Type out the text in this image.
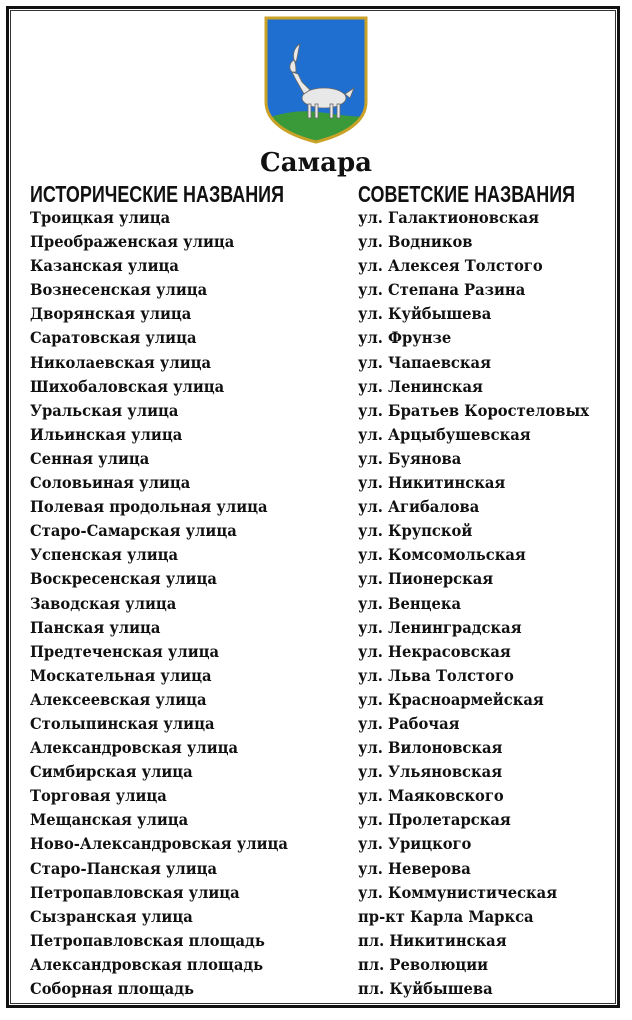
Самара
ИСТОРИЧЕСКИЕ НАЗВАНИЯ	СОВЕТСКИЕ НАЗВАНИЯ
Троицкая улица	ул. Галактионовская
Преображенская улица	ул. Водников
Казанская улица	ул. Алексея Толстого
Вознесенская улица	ул. Степана Разина
Дворянская улица	ул. Куйбышева
Саратовская улица	ул. Фрунзе
Николаевская улица	ул. Чапаевская
Шихобаловская улица	ул. Ленинская
Уральская улица	ул. Братьев Коростеловых
Ильинская улица	ул. Арцыбушевская
Сенная улица	ул. Буянова
Соловьиная улица	ул. Никитинская
Полевая продольная улица	ул. Агибалова
Старо-Самарская улица	ул. Крупской
Успенская улица	ул. Комсомольская
Воскресенская улица	ул. Пионерская
Заводская улица	ул. Венцека
Панская улица	ул. Ленинградская
Предтеченская улица	ул. Некрасовская
Москательная улица	ул. Льва Толстого
Алексеевская улица	ул. Красноармейская
Столыпинская улица	ул. Рабочая
Александровская улица	ул. Вилоновская
Симбирская улица	ул. Ульяновская
Торговая улица	ул. Маяковского
Мещанская улица	ул. Пролетарская
Ново-Александровская улица	ул. Урицкого
Старо-Панская улица	ул. Неверова
Петропавловская улица	ул. Коммунистическая
Сызранская улица	пр-кт Карла Маркса
Петропавловская площадь	пл. Никитинская
Александровская площадь	пл. Революции
Соборная площадь	пл. Куйбышева
